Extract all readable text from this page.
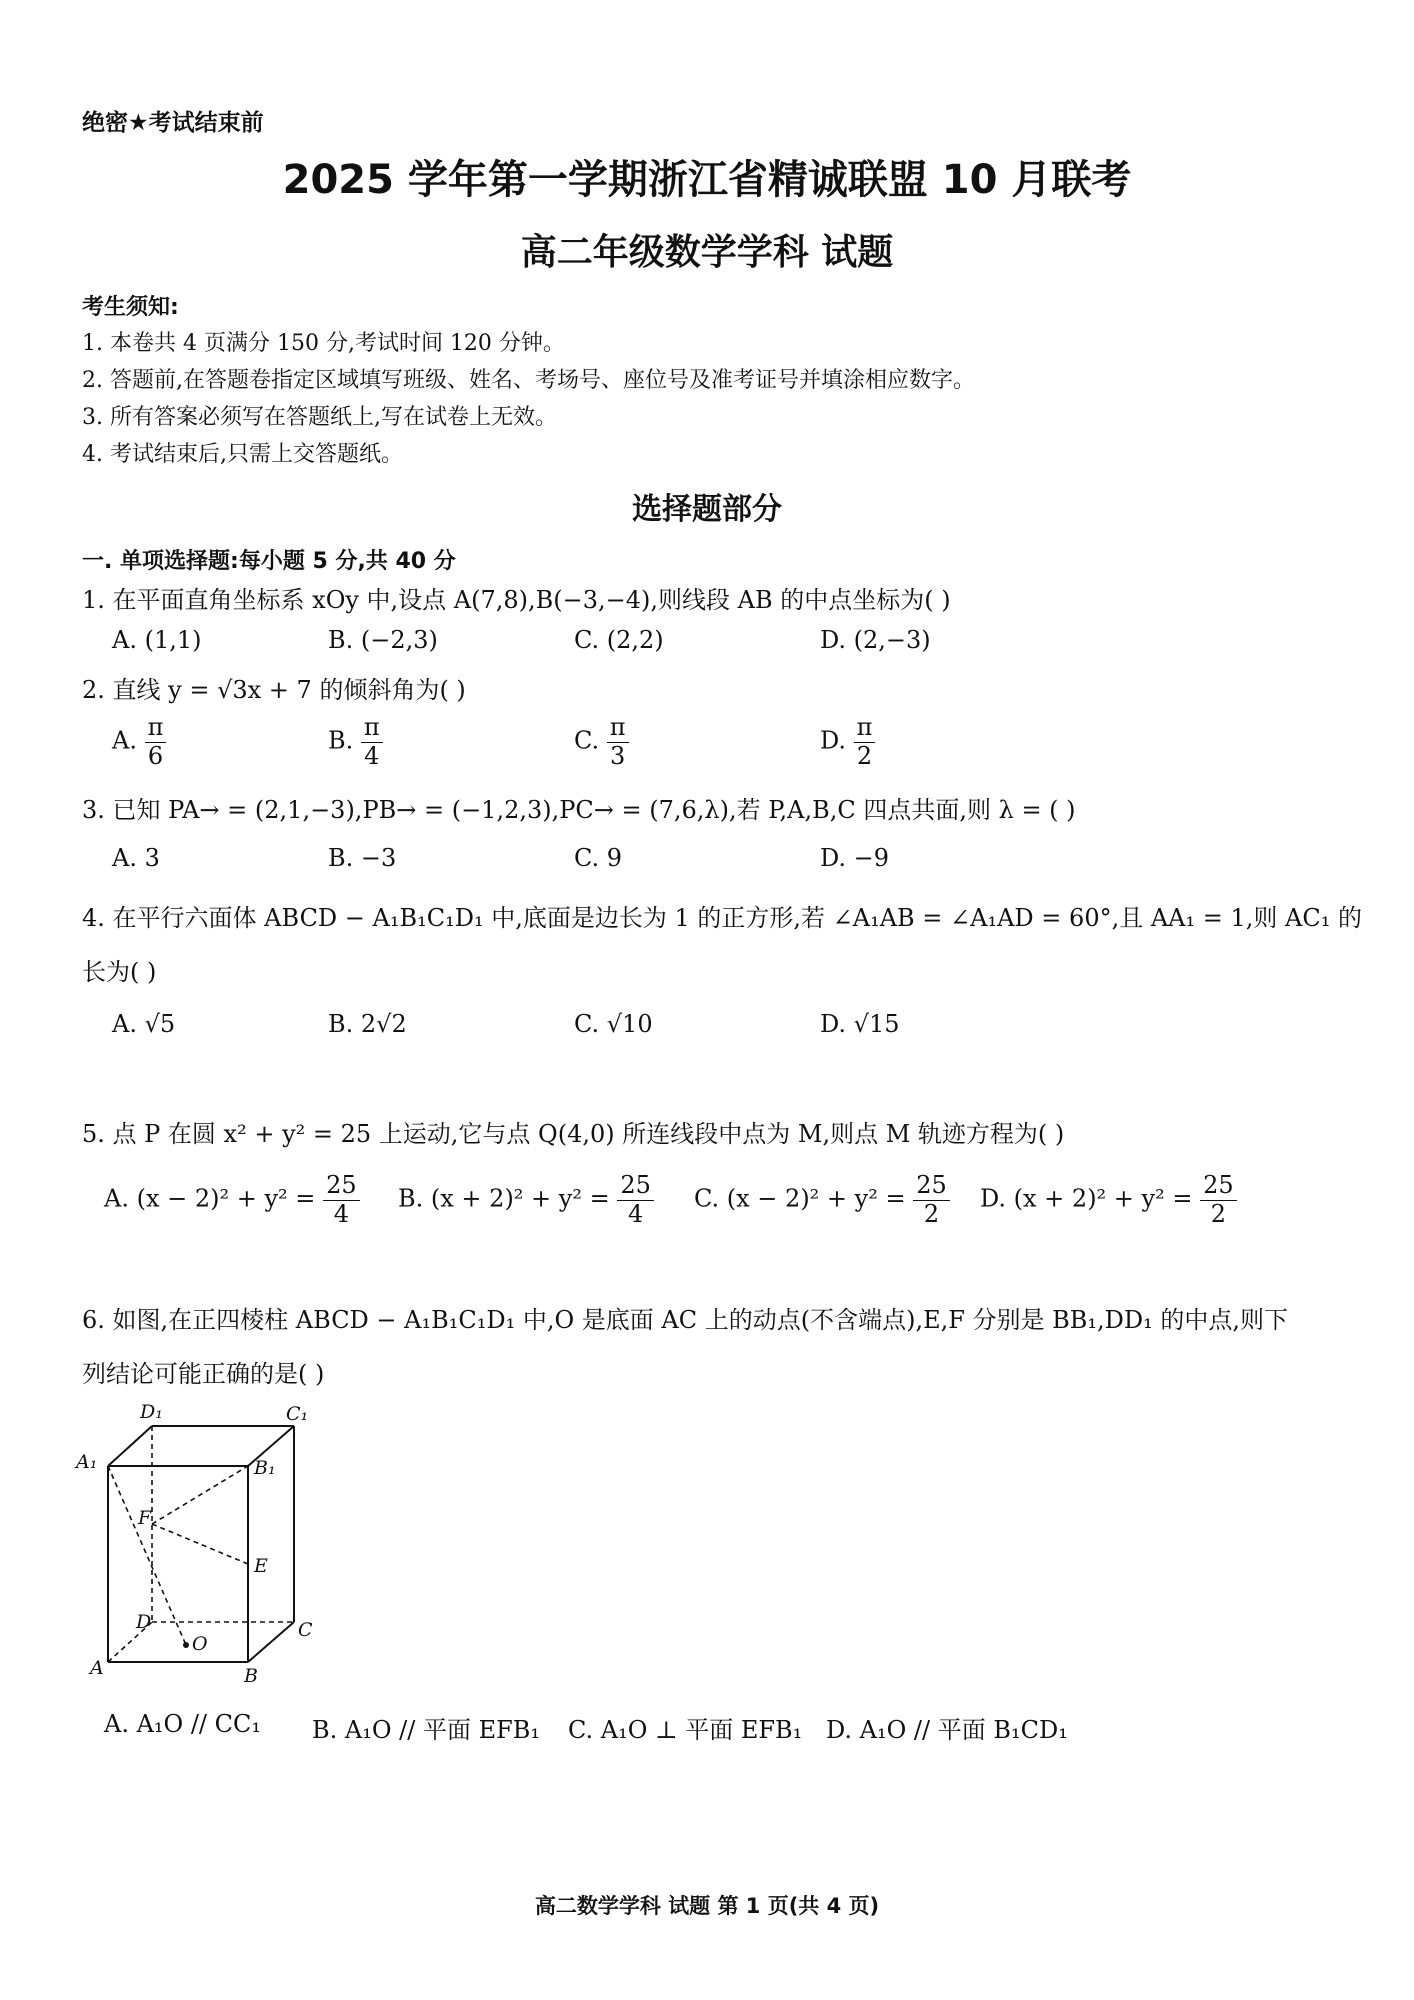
绝密★考试结束前
2025 学年第一学期浙江省精诚联盟 10 月联考
高二年级数学学科 试题
考生须知:
1. 本卷共 4 页满分 150 分,考试时间 120 分钟。
2. 答题前,在答题卷指定区域填写班级、姓名、考场号、座位号及准考证号并填涂相应数字。
3. 所有答案必须写在答题纸上,写在试卷上无效。
4. 考试结束后,只需上交答题纸。
选择题部分
一. 单项选择题:每小题 5 分,共 40 分
1. 在平面直角坐标系 xOy 中,设点 A(7,8),B(−3,−4),则线段 AB 的中点坐标为( )
A. (1,1)	B. (−2,3)	C. (2,2)	D. (2,−3)
2. 直线 y = √3x + 7 的倾斜角为( )
A. $\frac{\pi}{6}$	B. $\frac{\pi}{4}$	C. $\frac{\pi}{3}$	D. $\frac{\pi}{2}$
3. 已知 PA→ = (2,1,−3),PB→ = (−1,2,3),PC→ = (7,6,λ),若 P,A,B,C 四点共面,则 λ = ( )
A. 3	B. −3	C. 9	D. −9
4. 在平行六面体 ABCD − A₁B₁C₁D₁ 中,底面是边长为 1 的正方形,若 ∠A₁AB = ∠A₁AD = 60°,且 AA₁ = 1,则 AC₁ 的
长为( )
A. √5	B. 2√2	C. √10	D. √15
5. 点 P 在圆 x² + y² = 25 上运动,它与点 Q(4,0) 所连线段中点为 M,则点 M 轨迹方程为( )
A. $(x - 2)^2 + y^2 = \frac{25}{4} B$. $(x + 2)^2 + y^2 = \frac{25}{4} C$. $(x - 2)^2 + y^2 = \frac{25}{2} D$. $(x + 2)^2 + y^2 = \frac{25}{2}$
6. 如图,在正四棱柱 ABCD − A₁B₁C₁D₁ 中,O 是底面 AC 上的动点(不含端点),E,F 分别是 BB₁,DD₁ 的中点,则下
列结论可能正确的是( )
D₁	C₁
A₁	B₁
F
E
D	C
O
A	B
A. A₁O // CC₁ B. A₁O // 平面 EFB₁ C. A₁O ⊥ 平面 EFB₁ D. A₁O // 平面 B₁CD₁
高二数学学科 试题 第 1 页(共 4 页)
